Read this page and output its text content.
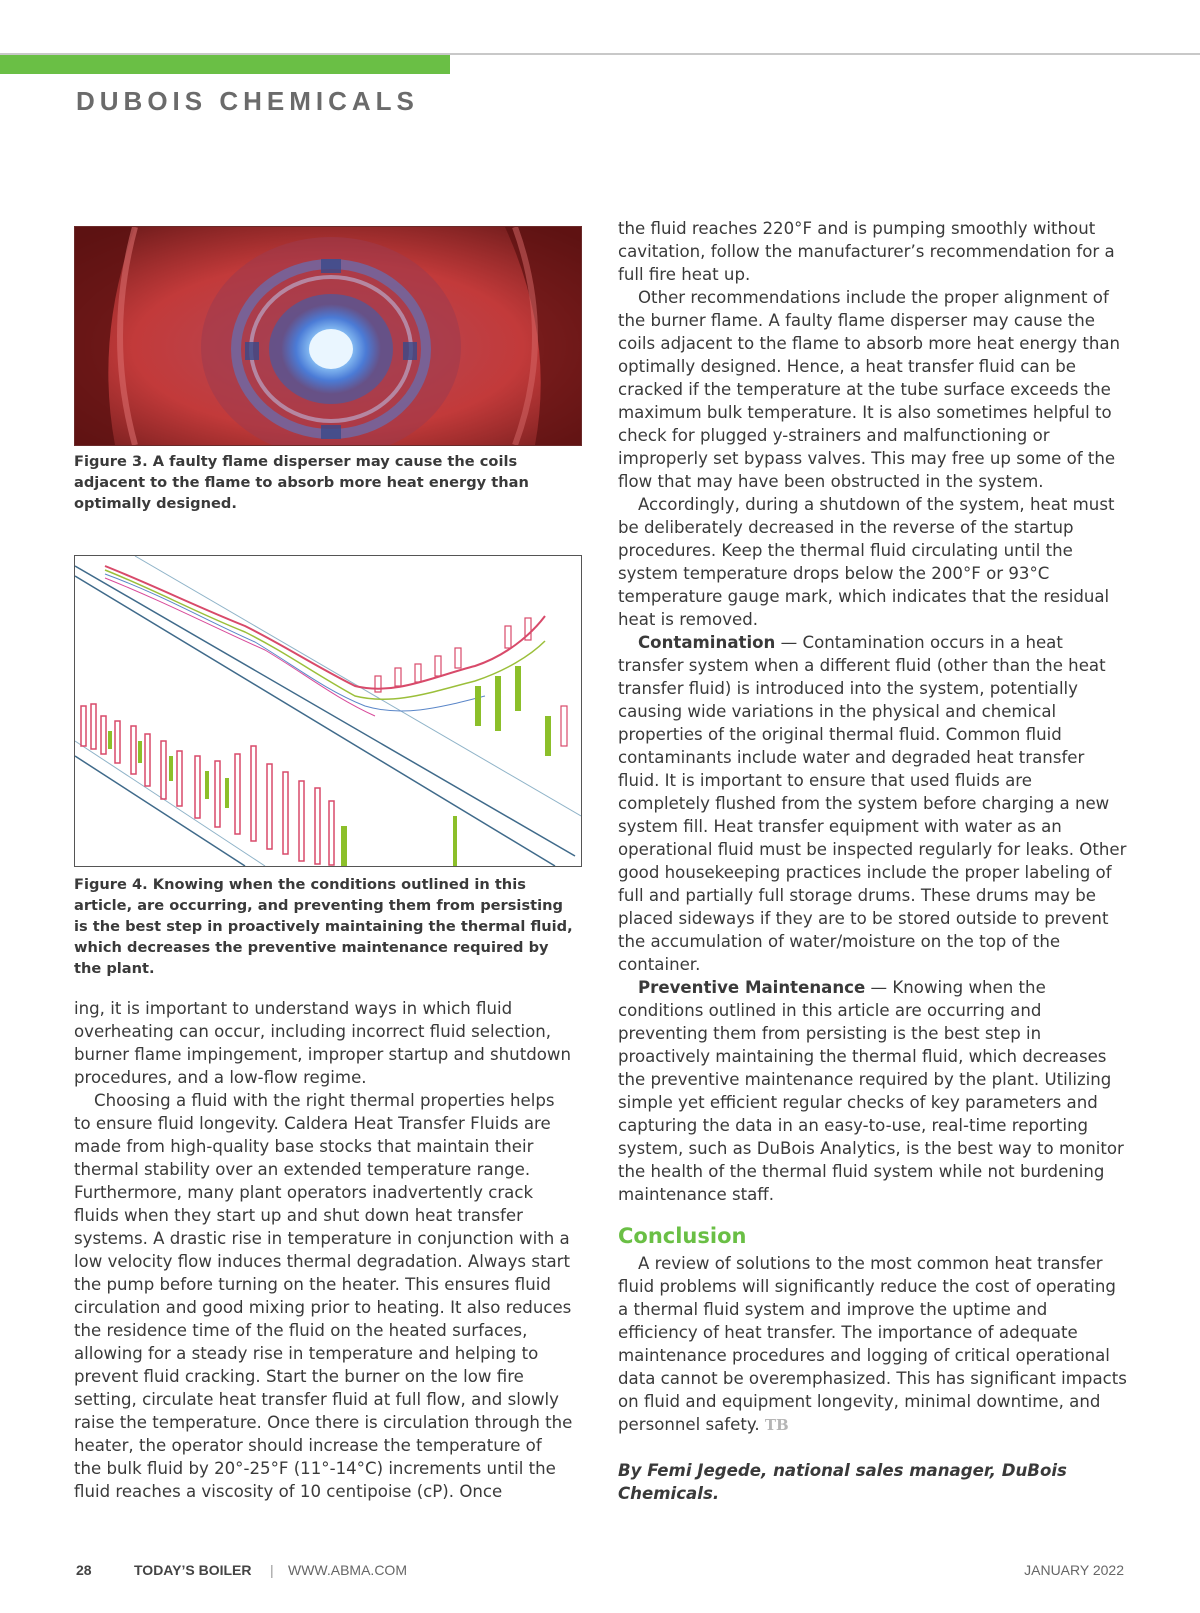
DUBOIS CHEMICALS
Figure 3. A faulty flame disperser may cause the coils adjacent to the flame to absorb more heat energy than optimally designed.
Figure 4. Knowing when the conditions outlined in this article, are occurring, and preventing them from persisting is the best step in proactively maintaining the thermal fluid, which decreases the preventive maintenance required by the plant.

ing, it is important to understand ways in which fluid overheating can occur, including incorrect fluid selection, burner flame impingement, improper startup and shutdown procedures, and a low-flow regime.

Choosing a fluid with the right thermal properties helps to ensure fluid longevity. Caldera Heat Transfer Fluids are made from high-quality base stocks that maintain their thermal stability over an extended temperature range. Furthermore, many plant operators inadvertently crack fluids when they start up and shut down heat transfer systems. A drastic rise in temperature in conjunction with a low velocity flow induces thermal degradation. Always start the pump before turning on the heater. This ensures fluid circulation and good mixing prior to heating. It also reduces the residence time of the fluid on the heated surfaces, allowing for a steady rise in temperature and helping to prevent fluid cracking. Start the burner on the low fire setting, circulate heat transfer fluid at full flow, and slowly raise the temperature. Once there is circulation through the heater, the operator should increase the temperature of the bulk fluid by 20°-25°F (11°-14°C) increments until the fluid reaches a viscosity of 10 centipoise (cP). Once

the fluid reaches 220°F and is pumping smoothly without cavitation, follow the manufacturer’s recommendation for a full fire heat up.

Other recommendations include the proper alignment of the burner flame. A faulty flame disperser may cause the coils adjacent to the flame to absorb more heat energy than optimally designed. Hence, a heat transfer fluid can be cracked if the temperature at the tube surface exceeds the maximum bulk temperature. It is also sometimes helpful to check for plugged y-strainers and malfunctioning or improperly set bypass valves. This may free up some of the flow that may have been obstructed in the system.

Accordingly, during a shutdown of the system, heat must be deliberately decreased in the reverse of the startup procedures. Keep the thermal fluid circulating until the system temperature drops below the 200°F or 93°C temperature gauge mark, which indicates that the residual heat is removed.

Contamination — Contamination occurs in a heat transfer system when a different fluid (other than the heat transfer fluid) is introduced into the system, potentially causing wide variations in the physical and chemical properties of the original thermal fluid. Common fluid contaminants include water and degraded heat transfer fluid. It is important to ensure that used fluids are completely flushed from the system before charging a new system fill. Heat transfer equipment with water as an operational fluid must be inspected regularly for leaks. Other good housekeeping practices include the proper labeling of full and partially full storage drums. These drums may be placed sideways if they are to be stored outside to prevent the accumulation of water/moisture on the top of the container.

Preventive Maintenance — Knowing when the conditions outlined in this article are occurring and preventing them from persisting is the best step in proactively maintaining the thermal fluid, which decreases the preventive maintenance required by the plant. Utilizing simple yet efficient regular checks of key parameters and capturing the data in an easy-to-use, real-time reporting system, such as DuBois Analytics, is the best way to monitor the health of the thermal fluid system while not burdening maintenance staff.

Conclusion

A review of solutions to the most common heat transfer fluid problems will significantly reduce the cost of operating a thermal fluid system and improve the uptime and efficiency of heat transfer. The importance of adequate maintenance procedures and logging of critical operational data cannot be overemphasized. This has significant impacts on fluid and equipment longevity, minimal downtime, and personnel safety. TB

By Femi Jegede, national sales manager, DuBois Chemicals.

28	TODAY’S BOILER | WWW.ABMA.COM	JANUARY 2022
